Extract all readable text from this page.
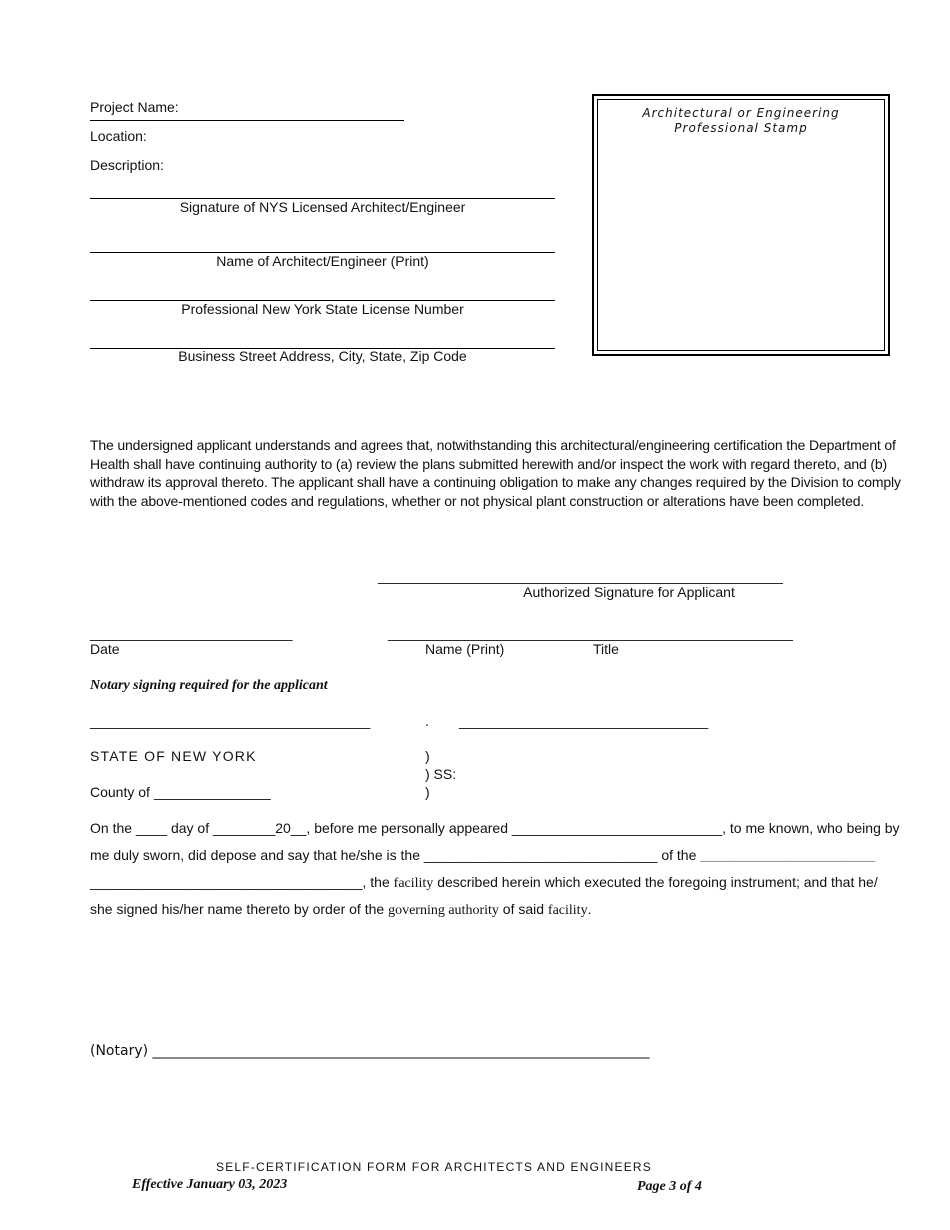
Project Name:
Location:
Description:
Signature of NYS Licensed Architect/Engineer
Name of Architect/Engineer (Print)
Professional New York State License Number
Business Street Address, City, State, Zip Code
Architectural or Engineering Professional Stamp
The undersigned applicant understands and agrees that, notwithstanding this architectural/engineering certification the Department of Health shall have continuing authority to (a) review the plans submitted herewith and/or inspect the work with regard thereto, and (b) withdraw its approval thereto. The applicant shall have a continuing obligation to make any changes required by the Division to comply with the above-mentioned codes and regulations, whether or not physical plant construction or alterations have been completed.
____________________________________________________
Authorized Signature for Applicant
__________________________	____________________________________________________
Date	Name (Print)	Title
Notary signing required for the applicant
____________________________________	. ________________________________
STATE OF NEW YORK	)
) SS:
County of _______________	)
On the ____ day of ________20__, before me personally appeared ___________________________, to me known, who being by
me duly sworn, did depose and say that he/she is the ______________________________ of the _________________________
___________________________________, the facility described herein which executed the foregoing instrument; and that he/
she signed his/her name thereto by order of the governing authority of said facility.
(Notary) _______________________________________________________________________
SELF-CERTIFICATION FORM FOR ARCHITECTS AND ENGINEERS
Effective January 03, 2023	Page 3 of 4
